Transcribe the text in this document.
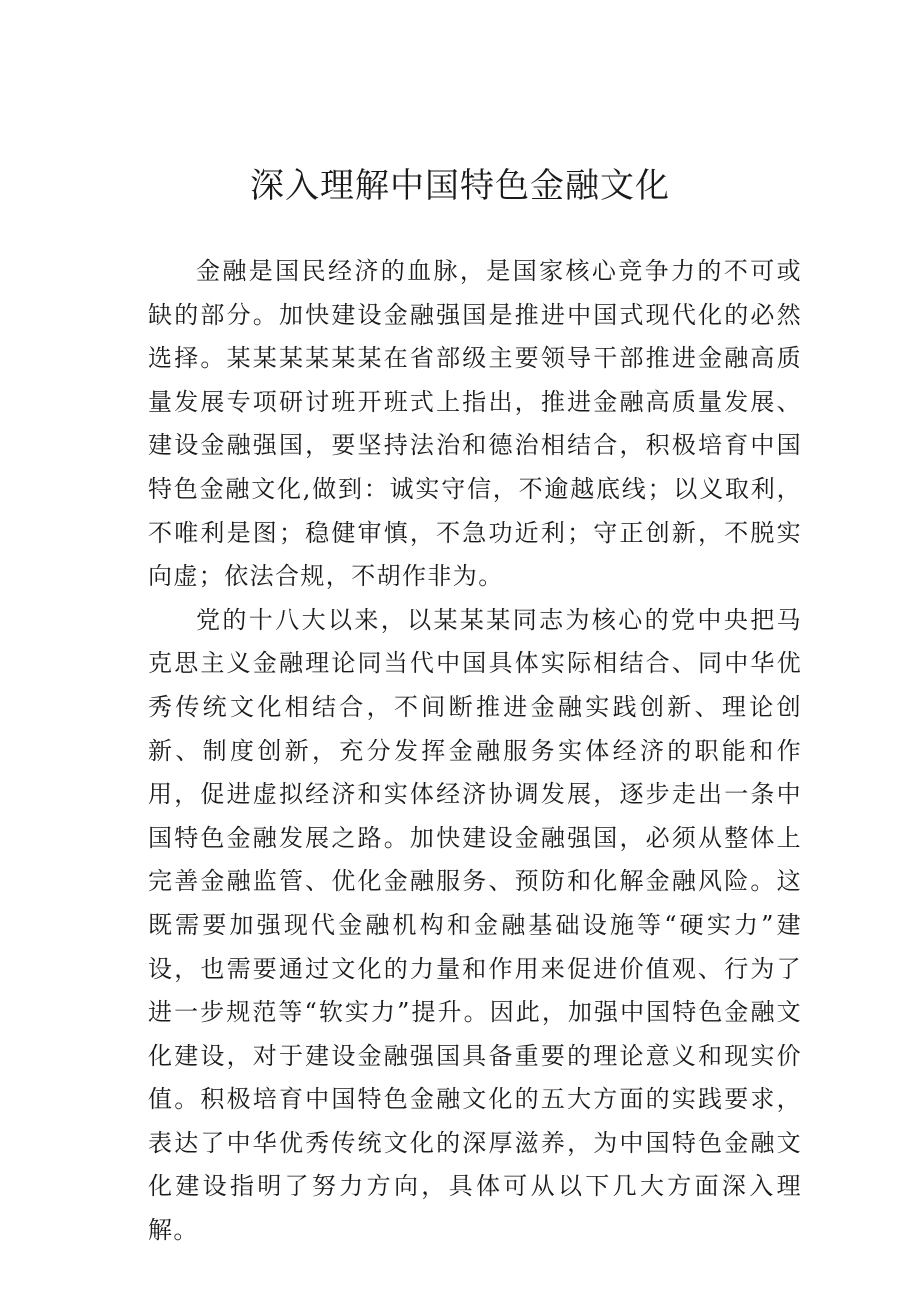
深入理解中国特色金融文化

金融是国民经济的血脉，是国家核心竞争力的不可或缺的部分。加快建设金融强国是推进中国式现代化的必然选择。某某某某某某在省部级主要领导干部推进金融高质量发展专项研讨班开班式上指出，推进金融高质量发展、建设金融强国，要坚持法治和德治相结合，积极培育中国特色金融文化,做到：诚实守信，不逾越底线；以义取利，不唯利是图；稳健审慎，不急功近利；守正创新，不脱实向虚；依法合规，不胡作非为。

党的十八大以来，以某某某同志为核心的党中央把马克思主义金融理论同当代中国具体实际相结合、同中华优秀传统文化相结合，不间断推进金融实践创新、理论创新、制度创新，充分发挥金融服务实体经济的职能和作用，促进虚拟经济和实体经济协调发展，逐步走出一条中国特色金融发展之路。加快建设金融强国，必须从整体上完善金融监管、优化金融服务、预防和化解金融风险。这既需要加强现代金融机构和金融基础设施等“硬实力”建设，也需要通过文化的力量和作用来促进价值观、行为了进一步规范等“软实力”提升。因此，加强中国特色金融文化建设，对于建设金融强国具备重要的理论意义和现实价值。积极培育中国特色金融文化的五大方面的实践要求，表达了中华优秀传统文化的深厚滋养，为中国特色金融文化建设指明了努力方向，具体可从以下几大方面深入理解。
